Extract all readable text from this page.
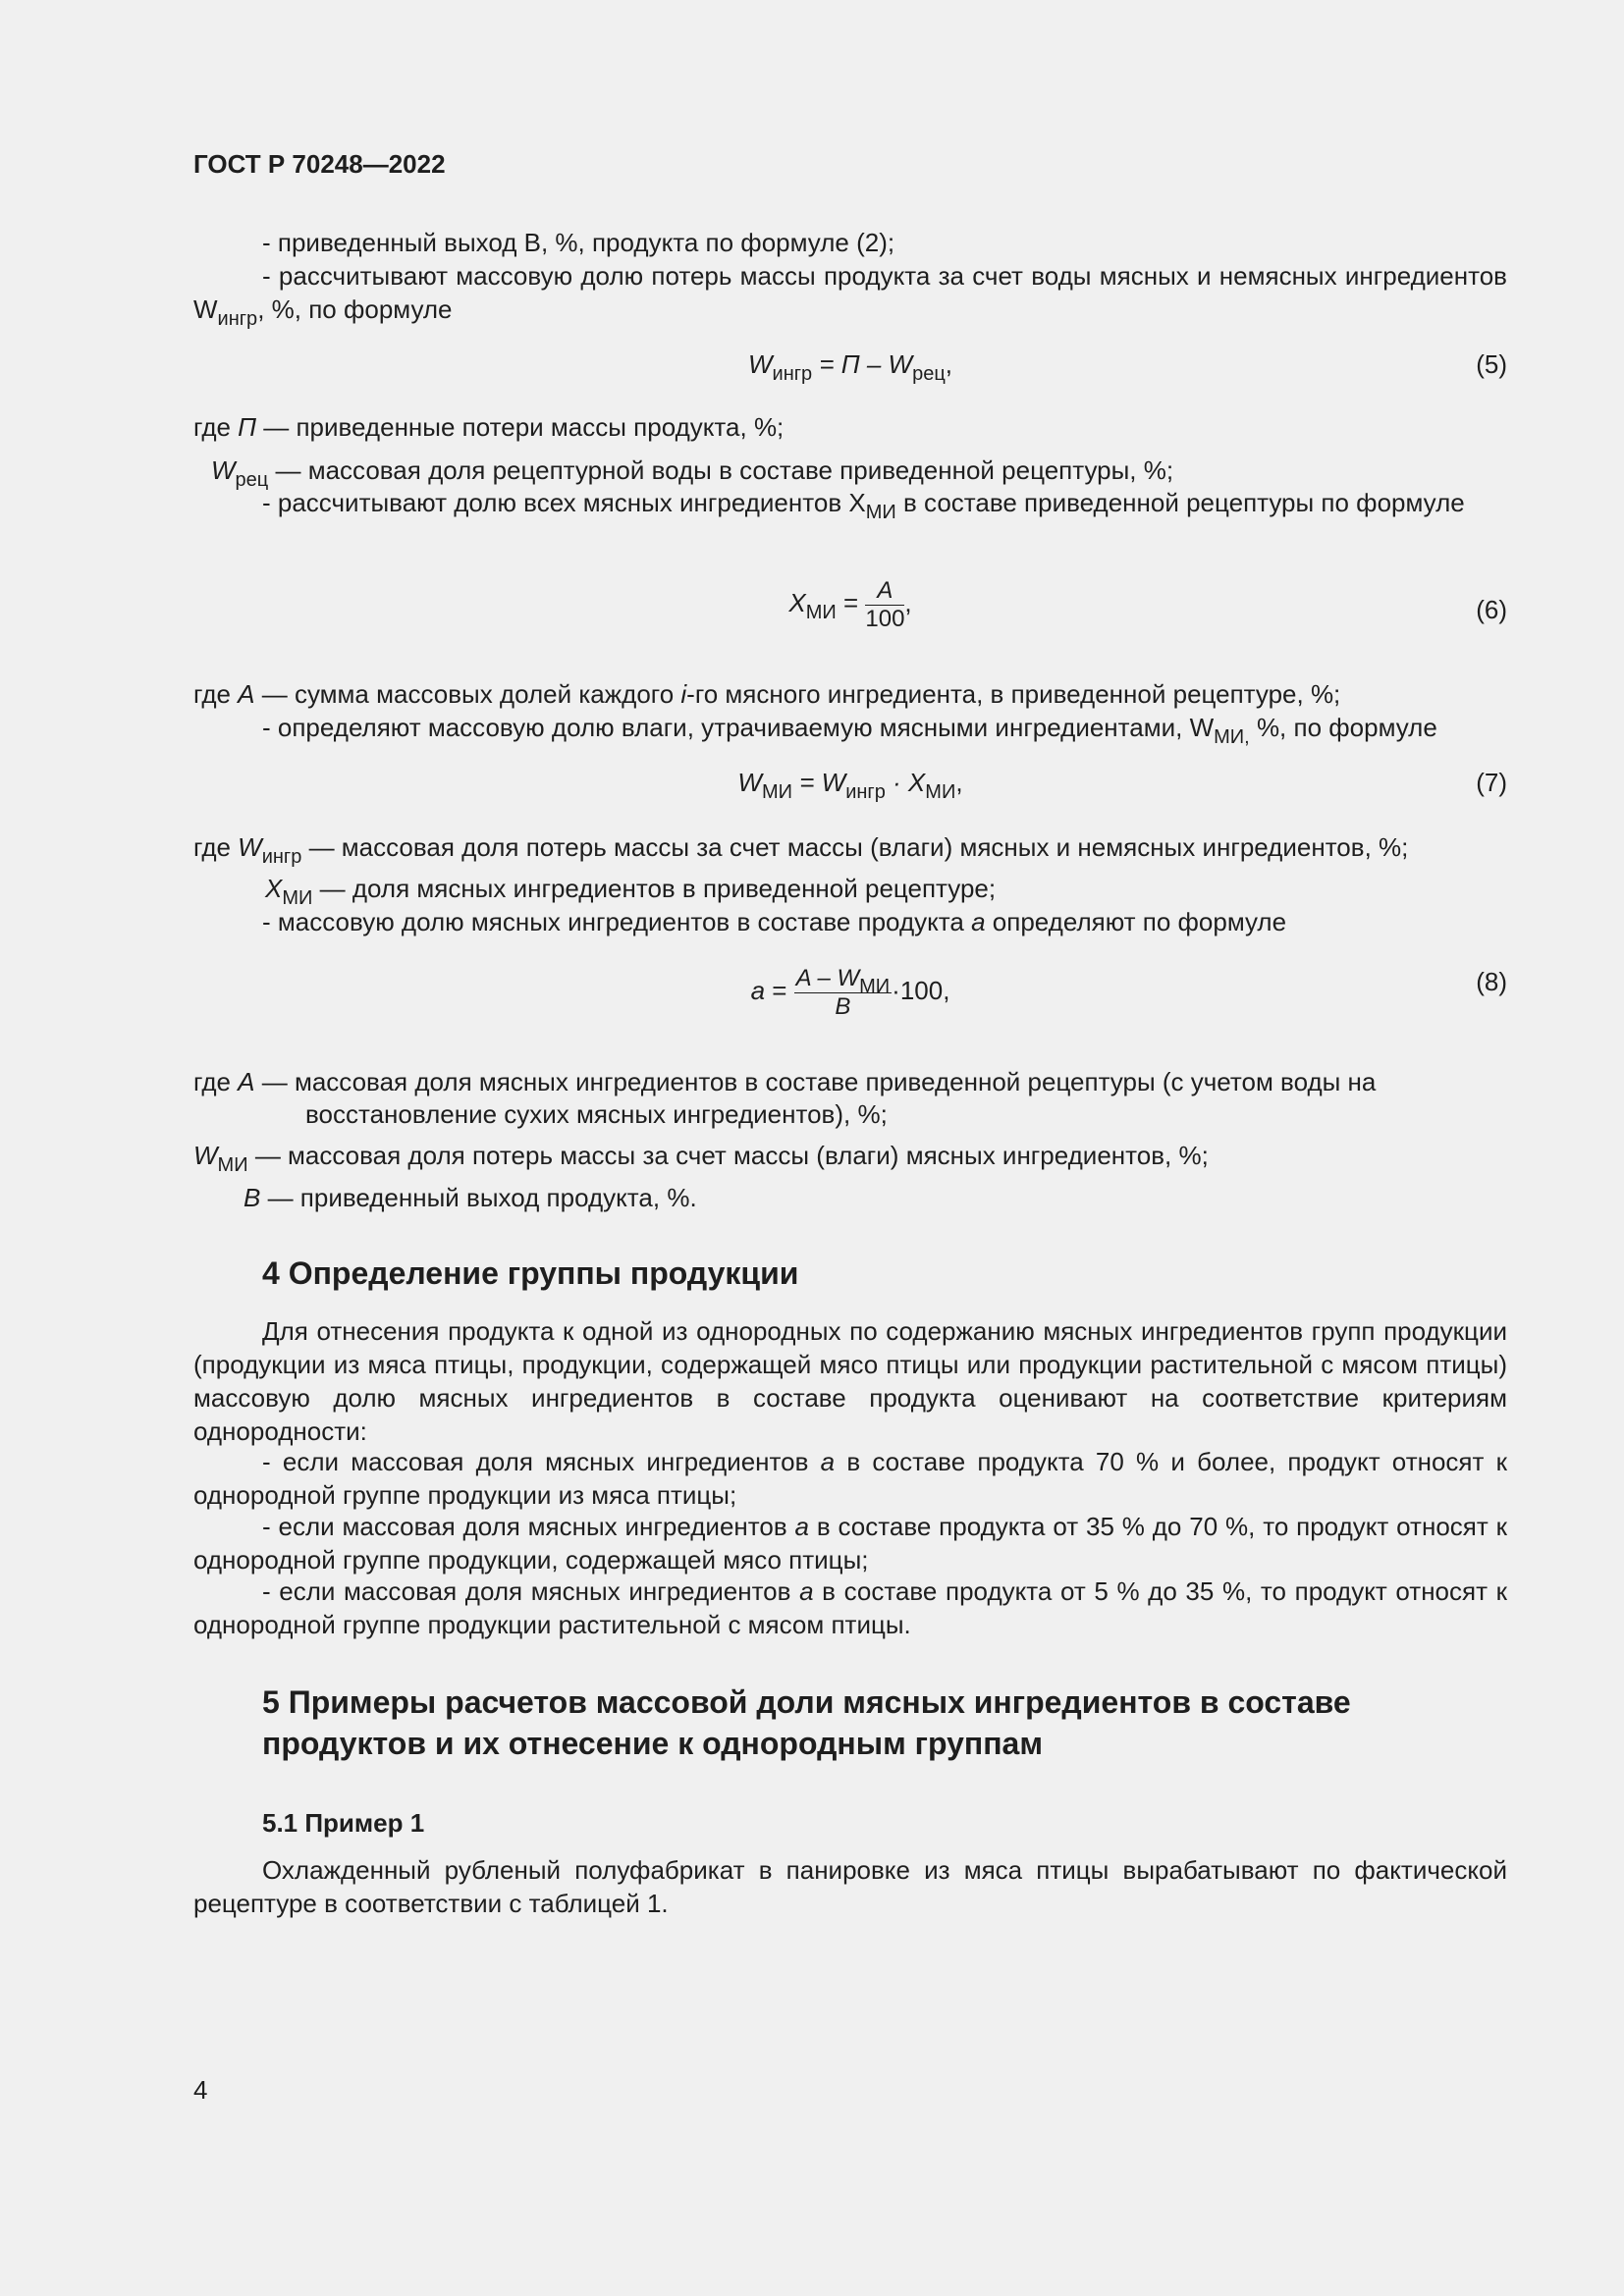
ГОСТ Р 70248—2022
- приведенный выход В, %, продукта по формуле (2);
- рассчитывают массовую долю потерь массы продукта за счет воды мясных и немясных ингредиентов $W_{ингр}$, %, по формуле
$W_{ингр} = П - W_{рец}$,	(5)
где П — приведенные потери массы продукта, %;
$W_{рец}$ — массовая доля рецептурной воды в составе приведенной рецептуры, %;
- рассчитывают долю всех мясных ингредиентов $X_{МИ}$ в составе приведенной рецептуры по формуле
$X_{МИ} = \frac{A}{100}$ ,	(6)
где A — сумма массовых долей каждого i-го мясного ингредиента, в приведенной рецептуре, %;
- определяют массовую долю влаги, утрачиваемую мясными ингредиентами, $W_{МИ,}$ %, по формуле
$W_{МИ} = W_{ингр} \cdot X_{МИ}$,	(7)
где $W_{ингр}$ — массовая доля потерь массы за счет массы (влаги) мясных и немясных ингредиентов, %;
$X_{МИ}$ — доля мясных ингредиентов в приведенной рецептуре;
- массовую долю мясных ингредиентов в составе продукта a определяют по формуле
$a = \frac{A - W_{МИ}}{B} \cdot 100$,	(8)
где A — массовая доля мясных ингредиентов в составе приведенной рецептуры (с учетом воды на
восстановление сухих мясных ингредиентов), %;
$W_{МИ}$ — массовая доля потерь массы за счет массы (влаги) мясных ингредиентов, %;
B — приведенный выход продукта, %.
4 Определение группы продукции
Для отнесения продукта к одной из однородных по содержанию мясных ингредиентов групп продукции (продукции из мяса птицы, продукции, содержащей мясо птицы или продукции растительной с мясом птицы) массовую долю мясных ингредиентов в составе продукта оценивают на соответствие критериям однородности:
- если массовая доля мясных ингредиентов a в составе продукта 70 % и более, продукт относят к однородной группе продукции из мяса птицы;
- если массовая доля мясных ингредиентов a в составе продукта от 35 % до 70 %, то продукт относят к однородной группе продукции, содержащей мясо птицы;
- если массовая доля мясных ингредиентов a в составе продукта от 5 % до 35 %, то продукт относят к однородной группе продукции растительной с мясом птицы.
5 Примеры расчетов массовой доли мясных ингредиентов в составе продуктов и их отнесение к однородным группам
5.1 Пример 1
Охлажденный рубленый полуфабрикат в панировке из мяса птицы вырабатывают по фактической рецептуре в соответствии с таблицей 1.
4
